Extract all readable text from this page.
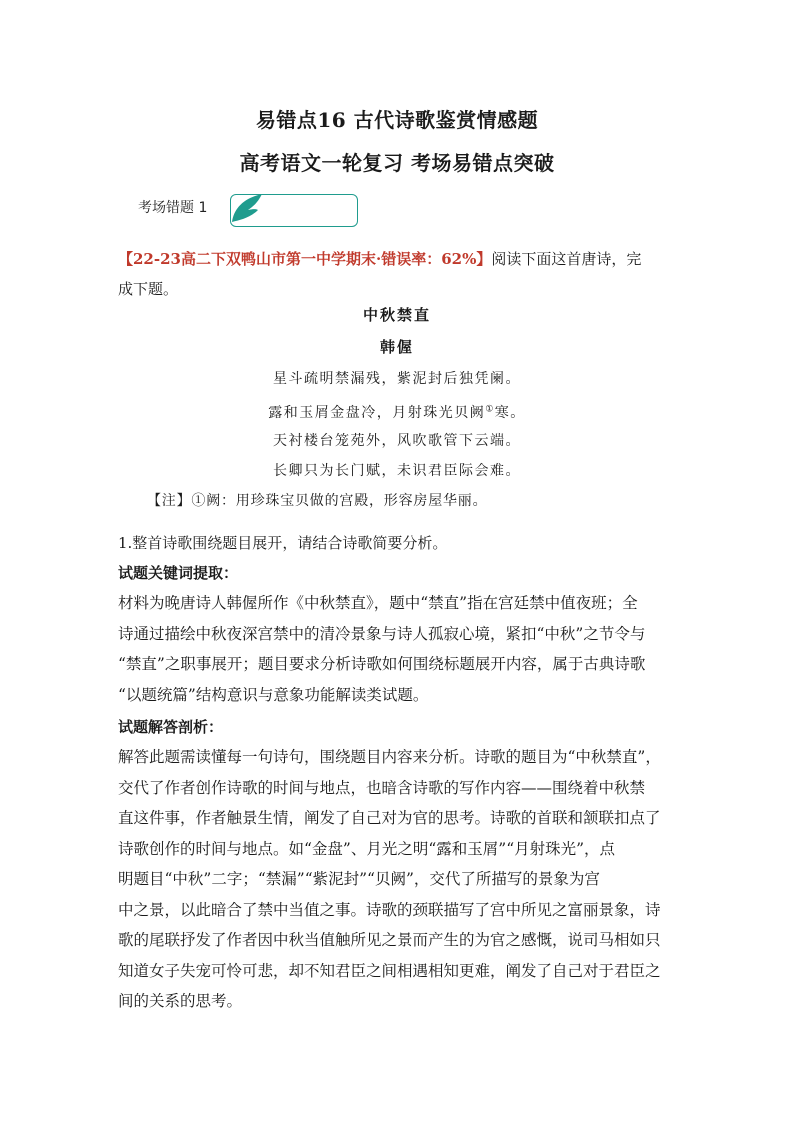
易错点16 古代诗歌鉴赏情感题
高考语文一轮复习 考场易错点突破
考场错题 1
【22-23高二下双鸭山市第一中学期末·错误率：62%】阅读下面这首唐诗，完
成下题。
中秋禁直
韩偓
星斗疏明禁漏残，紫泥封后独凭阑。
露和玉屑金盘冷，月射珠光贝阙①寒。
天衬楼台笼苑外，风吹歌管下云端。
长卿只为长门赋，未识君臣际会难。
【注】①阙：用珍珠宝贝做的宫殿，形容房屋华丽。
1.整首诗歌围绕题目展开，请结合诗歌简要分析。
试题关键词提取：
材料为晚唐诗人韩偓所作《中秋禁直》，题中“禁直”指在宫廷禁中值夜班；全
诗通过描绘中秋夜深宫禁中的清冷景象与诗人孤寂心境，紧扣“中秋”之节令与
“禁直”之职事展开；题目要求分析诗歌如何围绕标题展开内容，属于古典诗歌
“以题统篇”结构意识与意象功能解读类试题。
试题解答剖析：
解答此题需读懂每一句诗句，围绕题目内容来分析。诗歌的题目为“中秋禁直”，
交代了作者创作诗歌的时间与地点，也暗含诗歌的写作内容——围绕着中秋禁
直这件事，作者触景生情，阐发了自己对为官的思考。诗歌的首联和颔联扣点了
诗歌创作的时间与地点。如“金盘”、月光之明“露和玉屑”“月射珠光”，点
明题目“中秋”二字；“禁漏”“紫泥封”“贝阙”，交代了所描写的景象为宫
中之景，以此暗合了禁中当值之事。诗歌的颈联描写了宫中所见之富丽景象，诗
歌的尾联抒发了作者因中秋当值触所见之景而产生的为官之感慨，说司马相如只
知道女子失宠可怜可悲，却不知君臣之间相遇相知更难，阐发了自己对于君臣之
间的关系的思考。
